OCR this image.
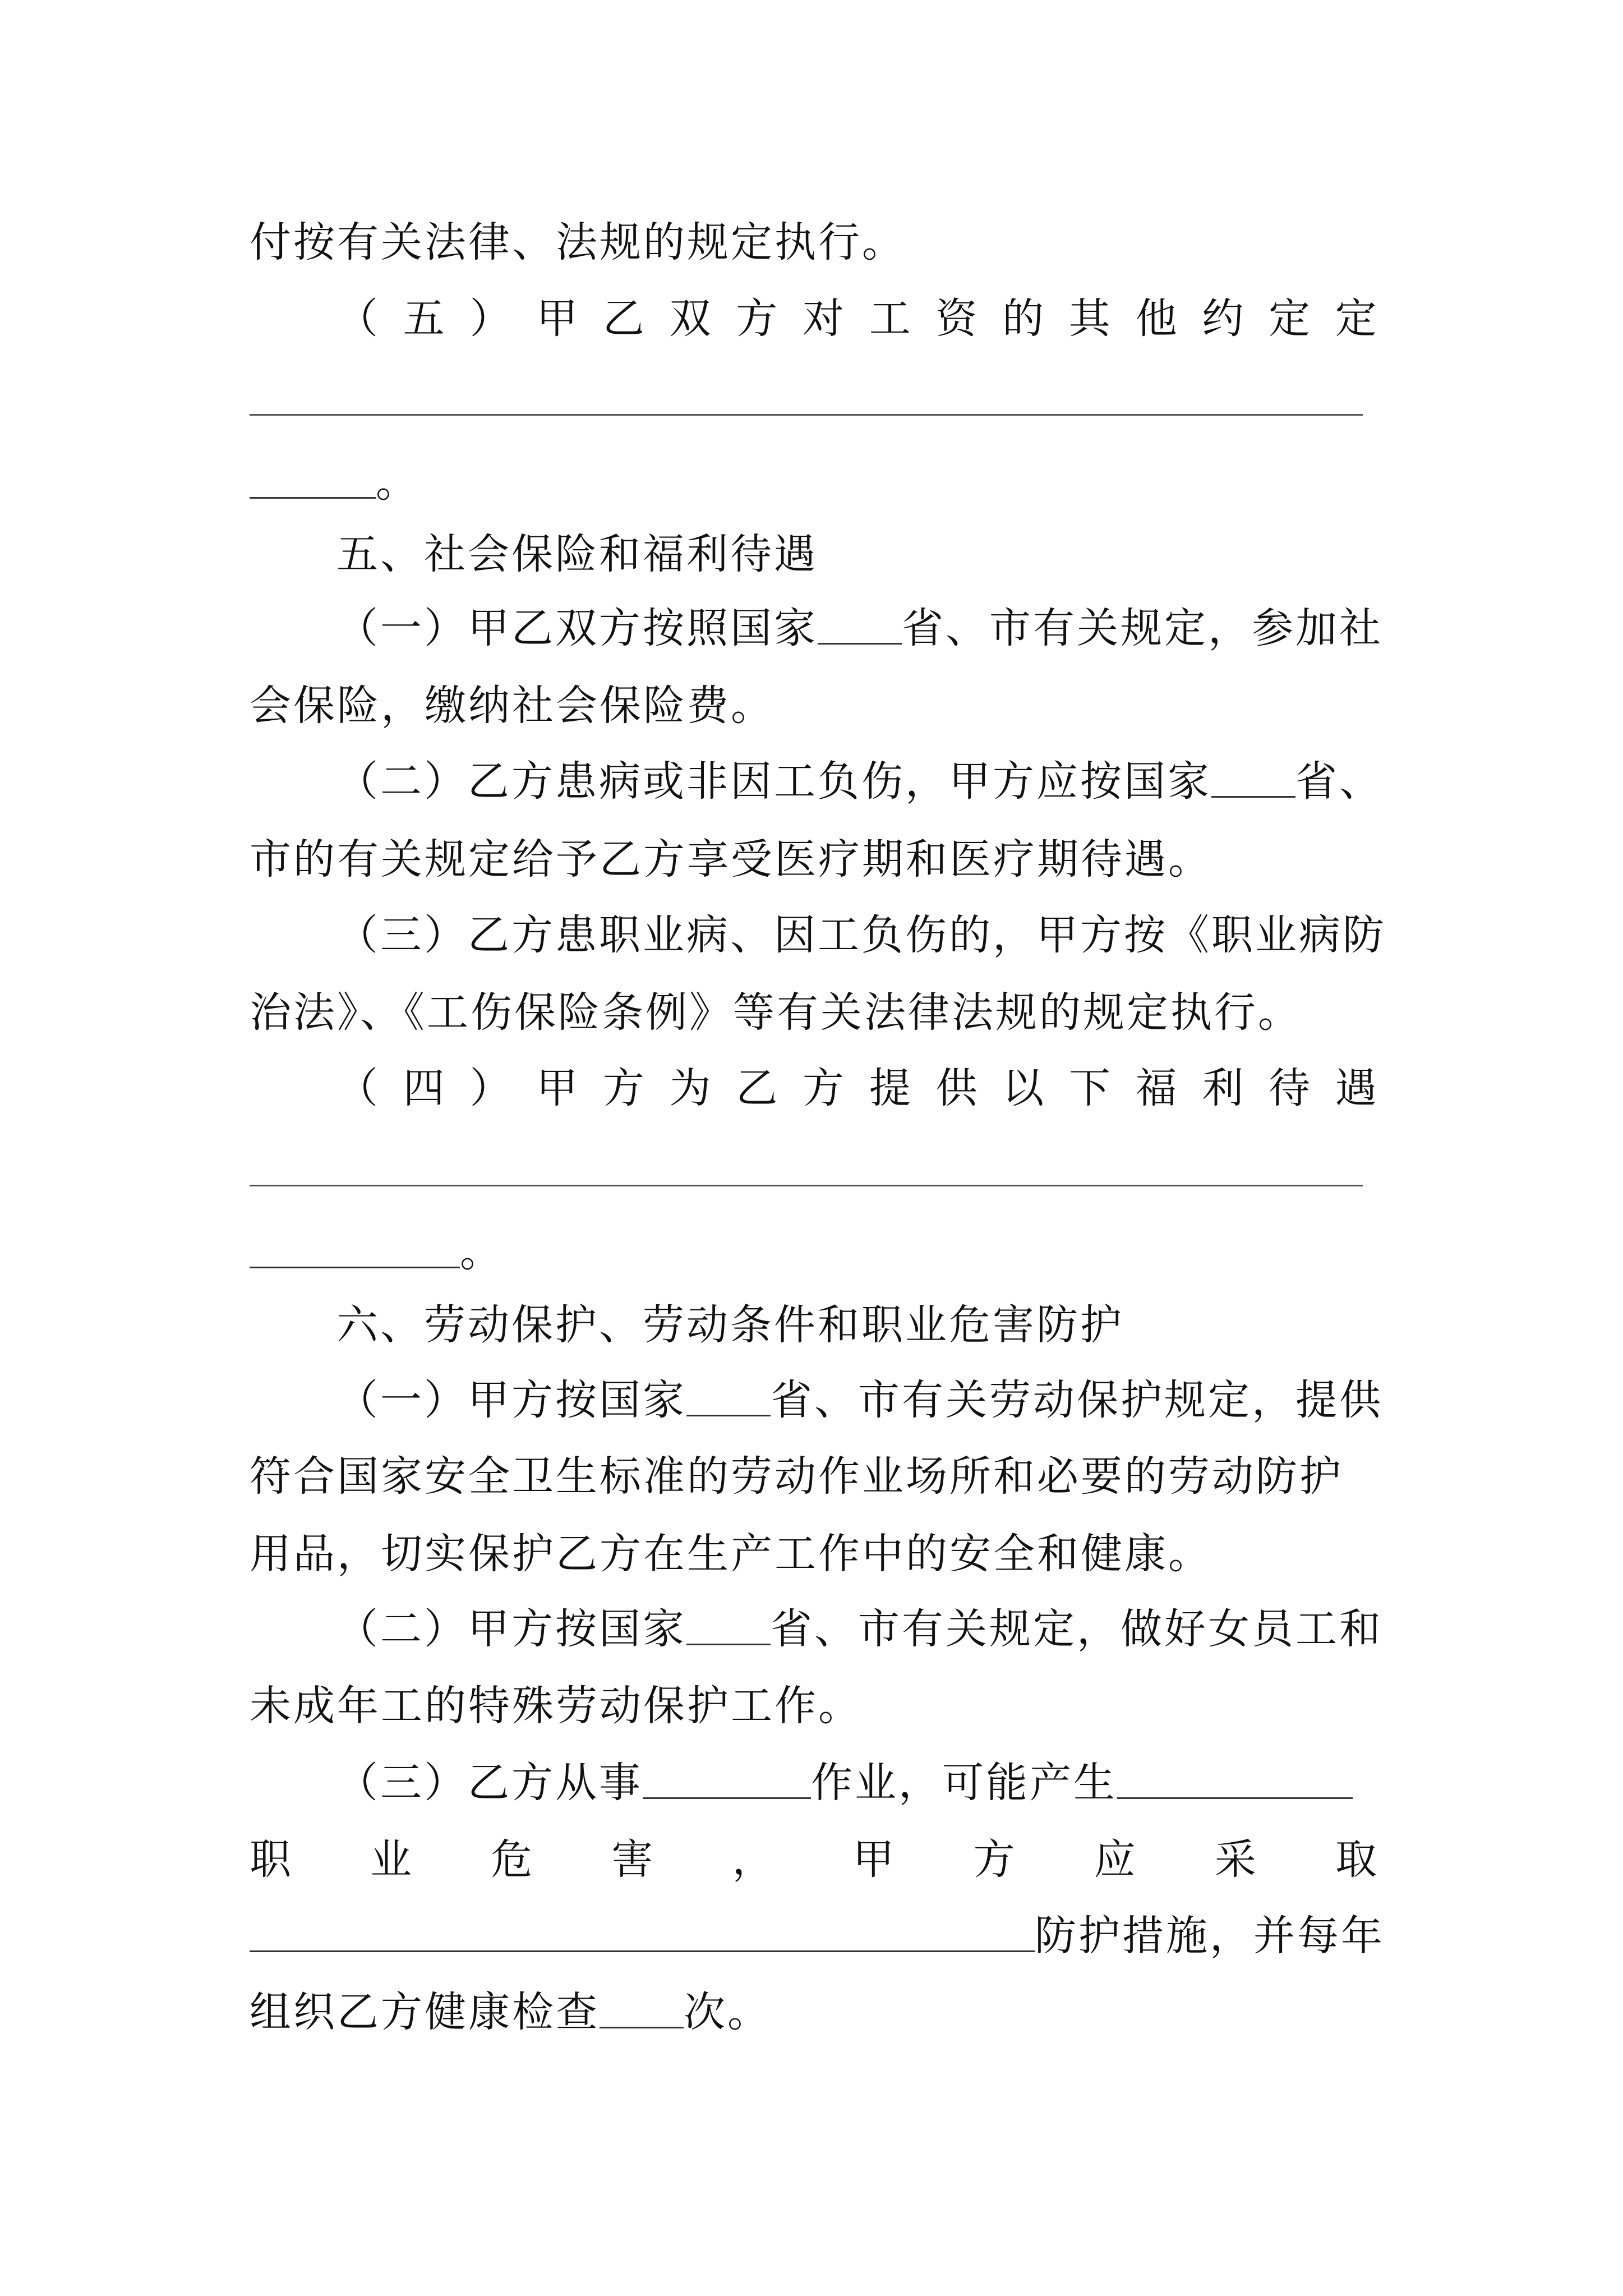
付按有关法律、法规的规定执行。
（ 五 ） 甲 乙 双 方 对 工 资 的 其 他 约 定 定
。
五、社会保险和福利待遇
（一）甲乙双方按照国家 省、市有关规定，参加社
会保险，缴纳社会保险费。
（二）乙方患病或非因工负伤，甲方应按国家 省、
市的有关规定给予乙方享受医疗期和医疗期待遇。
（三）乙方患职业病、因工负伤的，甲方按《职业病防
治法》、《工伤保险条例》等有关法律法规的规定执行。
（ 四 ） 甲 方 为 乙 方 提 供 以 下 福 利 待 遇
。
六、劳动保护、劳动条件和职业危害防护
（一）甲方按国家 省、市有关劳动保护规定，提供
符合国家安全卫生标准的劳动作业场所和必要的劳动防护
用品，切实保护乙方在生产工作中的安全和健康。
（二）甲方按国家 省、市有关规定，做好女员工和
未成年工的特殊劳动保护工作。
（三）乙方从事	作业，可能产生
职 业 危 害 ， 甲 方 应 采 取
防护措施，并每年
组织乙方健康检查 次。
